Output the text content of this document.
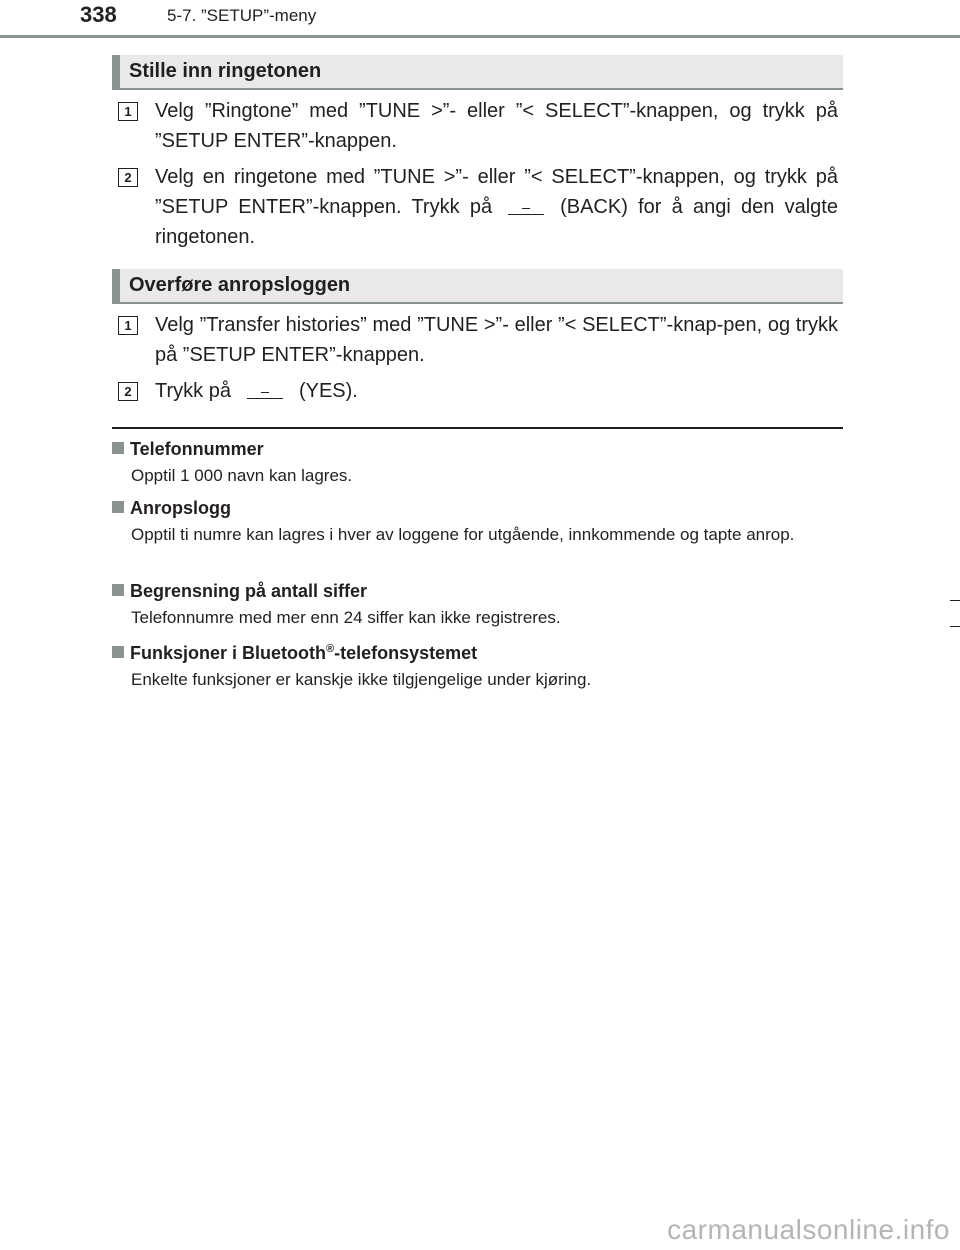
338	5-7. ”SETUP”-meny
Stille inn ringetonen
1	Velg ”Ringtone” med ”TUNE >”- eller ”< SELECT”-knappen, og trykk på ”SETUP ENTER”-knappen.
2	Velg en ringetone med ”TUNE >”- eller ”< SELECT”-knappen, og trykk på ”SETUP ENTER”-knappen. Trykk på	(BACK) for å angi den valgte ringetonen.
Overføre anropsloggen
1	Velg ”Transfer histories” med ”TUNE >”- eller ”< SELECT”-knap-pen, og trykk på ”SETUP ENTER”-knappen.
2	Trykk på	(YES).
Telefonnummer
Opptil 1 000 navn kan lagres.
Anropslogg
Opptil ti numre kan lagres i hver av loggene for utgående, innkommende og tapte anrop.
Begrensning på antall siffer
Telefonnumre med mer enn 24 siffer kan ikke registreres.
Funksjoner i Bluetooth®-telefonsystemet
Enkelte funksjoner er kanskje ikke tilgjengelige under kjøring.
carmanualsonline.info
